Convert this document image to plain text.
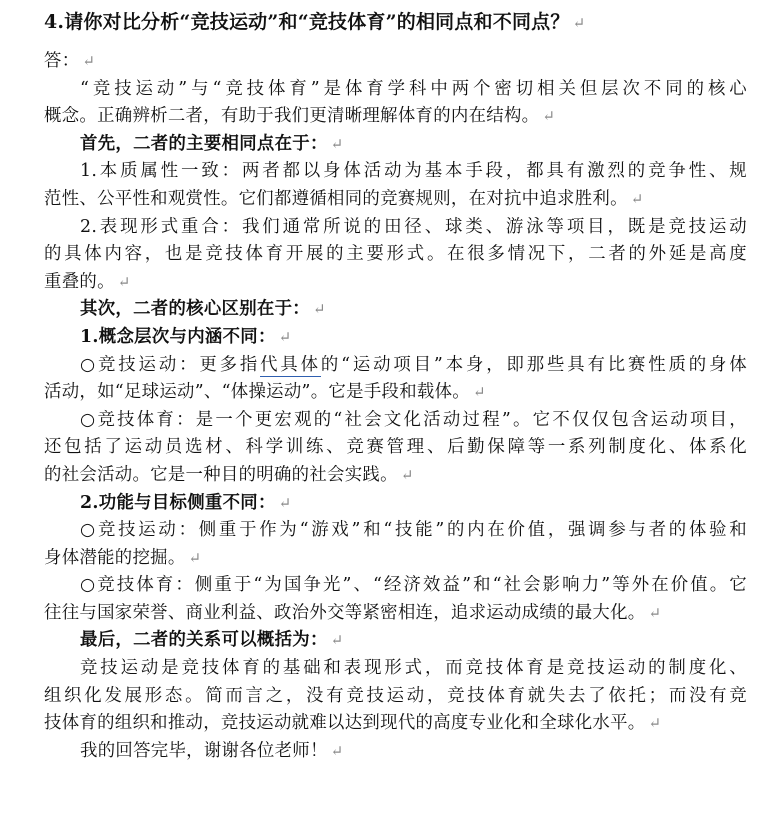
4.请你对比分析“竞技运动”和“竞技体育”的相同点和不同点？ ↵
答： ↵
“竞技运动”与“竞技体育”是体育学科中两个密切相关但层次不同的核心
概念。正确辨析二者，有助于我们更清晰理解体育的内在结构。 ↵
首先，二者的主要相同点在于： ↵
1.本质属性一致：两者都以身体活动为基本手段，都具有激烈的竞争性、规
范性、公平性和观赏性。它们都遵循相同的竞赛规则，在对抗中追求胜利。 ↵
2.表现形式重合：我们通常所说的田径、球类、游泳等项目，既是竞技运动
的具体内容，也是竞技体育开展的主要形式。在很多情况下，二者的外延是高度
重叠的。 ↵
其次，二者的核心区别在于： ↵
1.概念层次与内涵不同： ↵
○竞技运动：更多指代具体的“运动项目”本身，即那些具有比赛性质的身体
活动，如“足球运动”、“体操运动”。它是手段和载体。 ↵
○竞技体育：是一个更宏观的“社会文化活动过程”。它不仅仅包含运动项目，
还包括了运动员选材、科学训练、竞赛管理、后勤保障等一系列制度化、体系化
的社会活动。它是一种目的明确的社会实践。 ↵
2.功能与目标侧重不同： ↵
○竞技运动：侧重于作为“游戏”和“技能”的内在价值，强调参与者的体验和
身体潜能的挖掘。 ↵
○竞技体育：侧重于“为国争光”、“经济效益”和“社会影响力”等外在价值。它
往往与国家荣誉、商业利益、政治外交等紧密相连，追求运动成绩的最大化。 ↵
最后，二者的关系可以概括为： ↵
竞技运动是竞技体育的基础和表现形式，而竞技体育是竞技运动的制度化、
组织化发展形态。简而言之，没有竞技运动，竞技体育就失去了依托；而没有竞
技体育的组织和推动，竞技运动就难以达到现代的高度专业化和全球化水平。 ↵
我的回答完毕，谢谢各位老师！ ↵
